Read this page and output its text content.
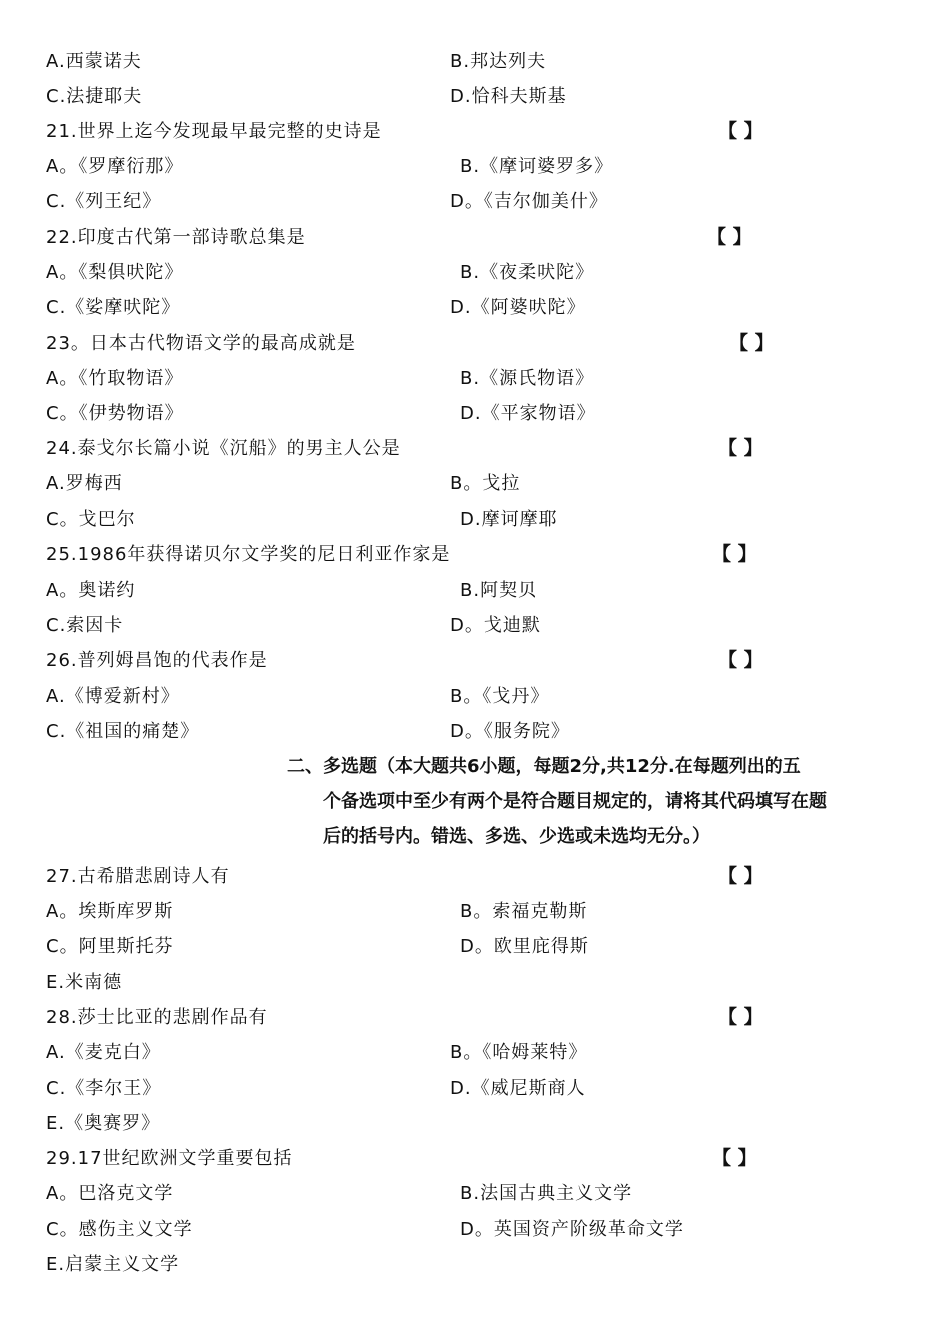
A.西蒙诺夫	B.邦达列夫
C.法捷耶夫	D.恰科夫斯基
21.世界上迄今发现最早最完整的史诗是	【 】
A。《罗摩衍那》	B.《摩诃婆罗多》
C.《列王纪》	D。《吉尔伽美什》
22.印度古代第一部诗歌总集是	【 】
A。《梨俱吠陀》	B.《夜柔吠陀》
C.《娑摩吠陀》	D.《阿婆吠陀》
23。日本古代物语文学的最高成就是	【 】
A。《竹取物语》	B.《源氏物语》
C。《伊势物语》	D.《平家物语》
24.泰戈尔长篇小说《沉船》的男主人公是	【 】
A.罗梅西	B。戈拉
C。戈巴尔	D.摩诃摩耶
25.1986年获得诺贝尔文学奖的尼日利亚作家是	【 】
A。奥诺约	B.阿契贝
C.索因卡	D。戈迪默
26.普列姆昌饱的代表作是	【 】
A.《博爱新村》	B。《戈丹》
C.《祖国的痛楚》	D。《服务院》
二、多选题（本大题共6小题，每题2分,共12分.在每题列出的五
个备选项中至少有两个是符合题目规定的，请将其代码填写在题
后的括号内。错选、多选、少选或未选均无分。）
27.古希腊悲剧诗人有	【 】
A。埃斯库罗斯	B。索福克勒斯
C。阿里斯托芬	D。欧里庇得斯
E.米南德
28.莎士比亚的悲剧作品有	【 】
A.《麦克白》	B。《哈姆莱特》
C.《李尔王》	D.《威尼斯商人
E.《奥赛罗》
29.17世纪欧洲文学重要包括	【 】
A。巴洛克文学	B.法国古典主义文学
C。感伤主义文学	D。英国资产阶级革命文学
E.启蒙主义文学
